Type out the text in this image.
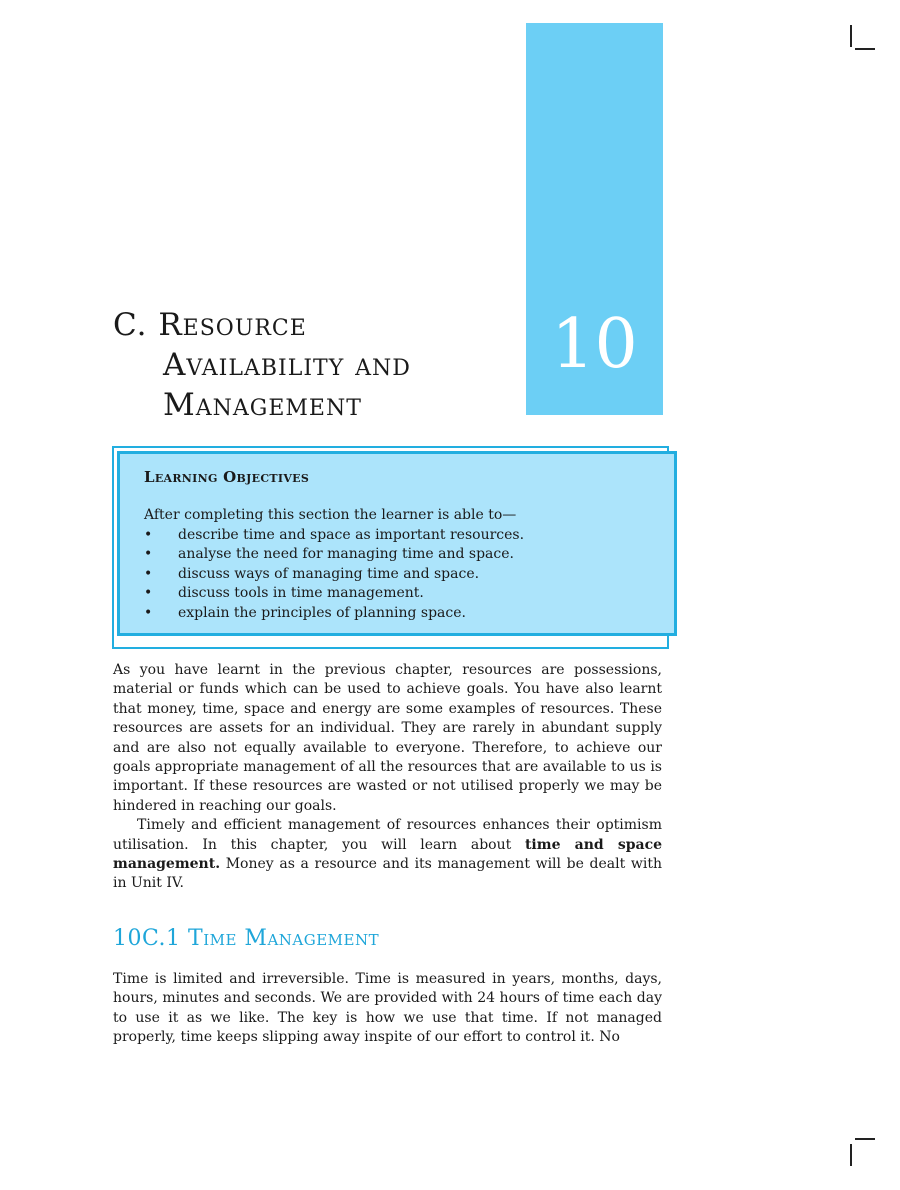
10
C. Resource
Availability and
Management
Learning Objectives
After completing this section the learner is able to—
• describe time and space as important resources.
• analyse the need for managing time and space.
• discuss ways of managing time and space.
• discuss tools in time management.
• explain the principles of planning space.

As you have learnt in the previous chapter, resources are possessions, material or funds which can be used to achieve goals. You have also learnt that money, time, space and energy are some examples of resources. These resources are assets for an individual. They are rarely in abundant supply and are also not equally available to everyone. Therefore, to achieve our goals appropriate management of all the resources that are available to us is important. If these resources are wasted or not utilised properly we may be hindered in reaching our goals.

Timely and efficient management of resources enhances their optimism utilisation. In this chapter, you will learn about time and space management. Money as a resource and its management will be dealt with in Unit IV.

10C.1 Time Management

Time is limited and irreversible. Time is measured in years, months, days, hours, minutes and seconds. We are provided with 24 hours of time each day to use it as we like. The key is how we use that time. If not managed properly, time keeps slipping away inspite of our effort to control it. No
